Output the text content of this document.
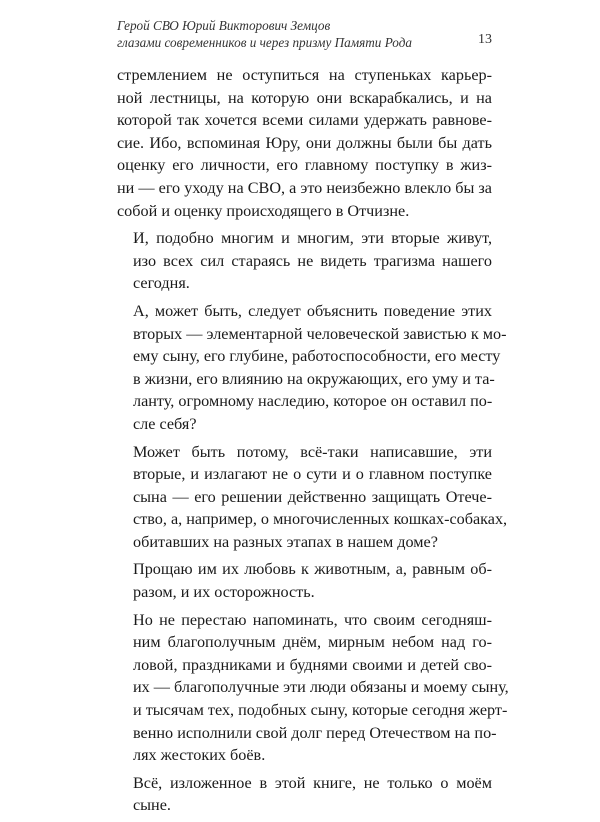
Герой СВО Юрий Викторович Земцов
глазами современников и через призму Памяти Рода	13

стремлением не оступиться на ступеньках карьер-
ной лестницы, на которую они вскарабкались, и на
которой так хочется всеми силами удержать равнове-
сие. Ибо, вспоминая Юру, они должны были бы дать
оценку его личности, его главному поступку в жиз-
ни — его уходу на СВО, а это неизбежно влекло бы за
собой и оценку происходящего в Отчизне.

И, подобно многим и многим, эти вторые живут,
изо всех сил стараясь не видеть трагизма нашего
сегодня.

А, может быть, следует объяснить поведение этих
вторых — элементарной человеческой завистью к мо-
ему сыну, его глубине, работоспособности, его месту
в жизни, его влиянию на окружающих, его уму и та-
ланту, огромному наследию, которое он оставил по-
сле себя?

Может быть потому, всё-таки написавшие, эти
вторые, и излагают не о сути и о главном поступке
сына — его решении действенно защищать Отече-
ство, а, например, о многочисленных кошках-собаках,
обитавших на разных этапах в нашем доме?

Прощаю им их любовь к животным, а, равным об-
разом, и их осторожность.

Но не перестаю напоминать, что своим сегодняш-
ним благополучным днём, мирным небом над го-
ловой, праздниками и буднями своими и детей сво-
их — благополучные эти люди обязаны и моему сыну,
и тысячам тех, подобных сыну, которые сегодня жерт-
венно исполнили свой долг перед Отечеством на по-
лях жестоких боёв.

Всё, изложенное в этой книге, не только о моём
сыне.
